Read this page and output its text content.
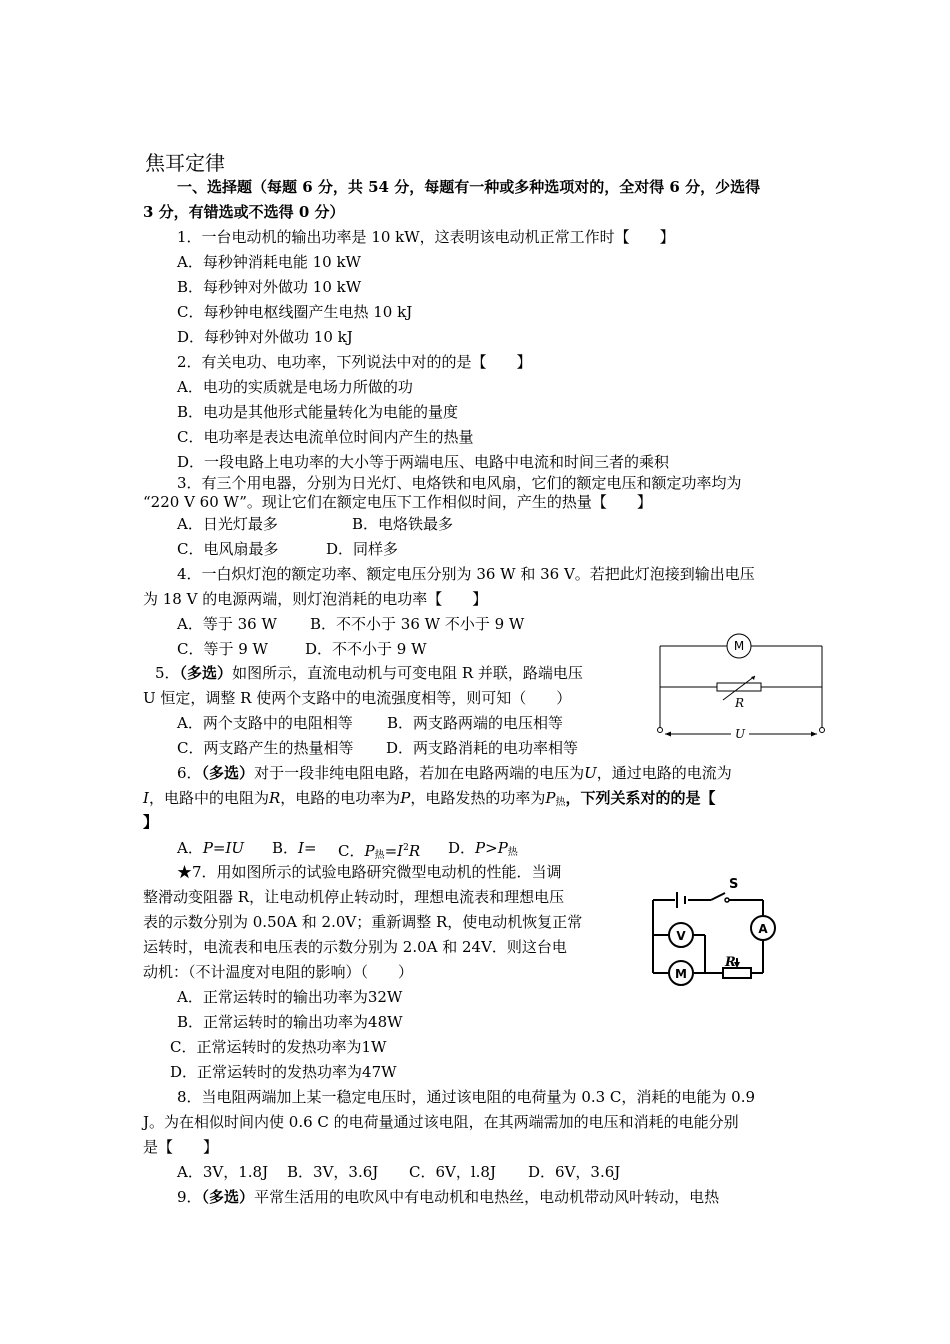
焦耳定律
一、选择题（每题 6 分，共 54 分，每题有一种或多种选项对的，全对得 6 分，少选得
3 分，有错选或不选得 0 分）
1．一台电动机的输出功率是 10 kW，这表明该电动机正常工作时【　　】
A．每秒钟消耗电能 10 kW
B．每秒钟对外做功 10 kW
C．每秒钟电枢线圈产生电热 10 kJ
D．每秒钟对外做功 10 kJ
2．有关电功、电功率，下列说法中对的的是【　　】
A．电功的实质就是电场力所做的功
B．电功是其他形式能量转化为电能的量度
C．电功率是表达电流单位时间内产生的热量
D．一段电路上电功率的大小等于两端电压、电路中电流和时间三者的乘积
3．有三个用电器，分别为日光灯、电烙铁和电风扇，它们的额定电压和额定功率均为
“220 V 60 W”。现让它们在额定电压下工作相似时间，产生的热量【　　】
A．日光灯最多	B．电烙铁最多
C．电风扇最多	D．同样多
4．一白炽灯泡的额定功率、额定电压分别为 36 W 和 36 V。若把此灯泡接到输出电压
为 18 V 的电源两端，则灯泡消耗的电功率【　　】
A．等于 36 W B．不不小于 36 W 不小于 9 W
C．等于 9 W D．不不小于 9 W
5．（多选）如图所示，直流电动机与可变电阻 R 并联，路端电压
U 恒定，调整 R 使两个支路中的电流强度相等，则可知（　　）
A．两个支路中的电阻相等 B．两支路两端的电压相等
C．两支路产生的热量相等 D．两支路消耗的电功率相等
M
R
U
6．（多选）对于一段非纯电阻电路，若加在电路两端的电压为U，通过电路的电流为
I，电路中的电阻为R，电路的电功率为P，电路发热的功率为$P_热$，下列关系对的的是【
】
A．P=IU B．I= C．$P_热=I^2R$ D．$P>P_热$
★7．用如图所示的试验电路研究微型电动机的性能．当调
整滑动变阻器 R，让电动机停止转动时，理想电流表和理想电压
表的示数分别为 0.50A 和 2.0V；重新调整 R，使电动机恢复正常
运转时，电流表和电压表的示数分别为 2.0A 和 24V．则这台电
动机：（不计温度对电阻的影响）（　　）
A．正常运转时的输出功率为32W
B．正常运转时的输出功率为48W
C．正常运转时的发热功率为1W
D．正常运转时的发热功率为47W
S
V	A
M
R
8．当电阻两端加上某一稳定电压时，通过该电阻的电荷量为 0.3 C，消耗的电能为 0.9
J。为在相似时间内使 0.6 C 的电荷量通过该电阻，在其两端需加的电压和消耗的电能分别
是【　　】
A．3V，1.8J B．3V，3.6J C．6V，l.8J D．6V，3.6J
9．（多选）平常生活用的电吹风中有电动机和电热丝，电动机带动风叶转动，电热
